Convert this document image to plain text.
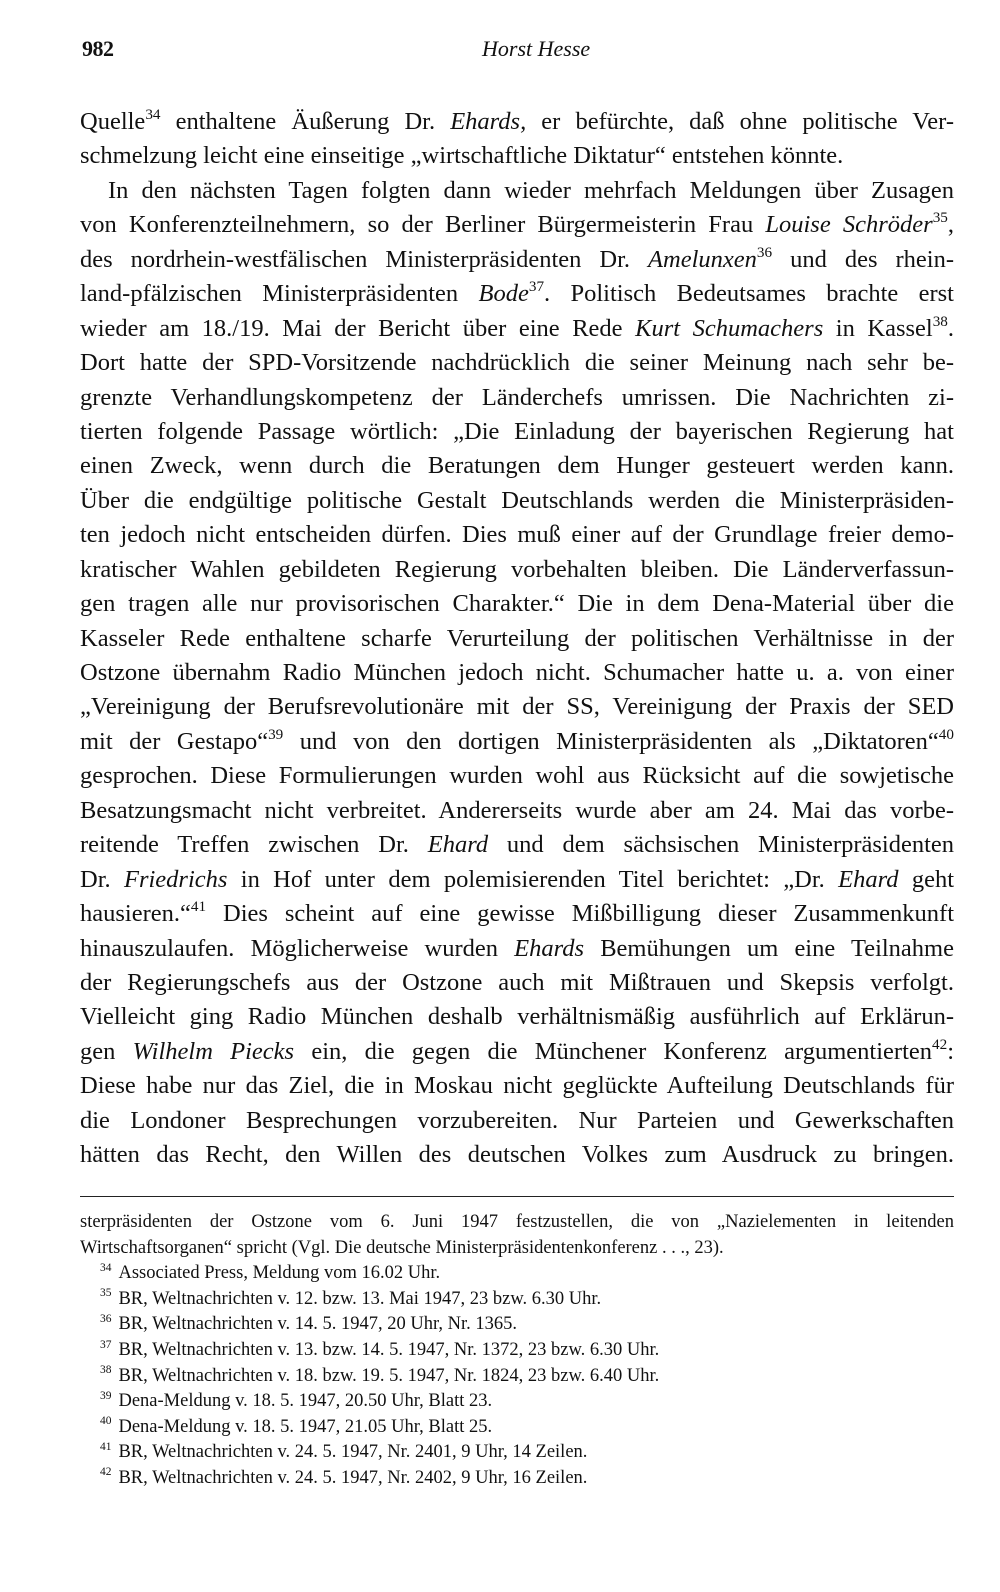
982	Horst Hesse
Quelle$^{34}$ enthaltene Äußerung Dr. Ehards, er befürchte, daß ohne politische Ver-
schmelzung leicht eine einseitige „wirtschaftliche Diktatur“ entstehen könnte.
In den nächsten Tagen folgten dann wieder mehrfach Meldungen über Zusagen
von Konferenzteilnehmern, so der Berliner Bürgermeisterin Frau Louise Schröder$^{35}$,
des nordrhein-westfälischen Ministerpräsidenten Dr. Amelunxen$^{36}$ und des rhein-
land-pfälzischen Ministerpräsidenten Bode$^{37}$. Politisch Bedeutsames brachte erst
wieder am 18./19. Mai der Bericht über eine Rede Kurt Schumachers in Kassel$^{38}$.
Dort hatte der SPD-Vorsitzende nachdrücklich die seiner Meinung nach sehr be-
grenzte Verhandlungskompetenz der Länderchefs umrissen. Die Nachrichten zi-
tierten folgende Passage wörtlich: „Die Einladung der bayerischen Regierung hat
einen Zweck, wenn durch die Beratungen dem Hunger gesteuert werden kann.
Über die endgültige politische Gestalt Deutschlands werden die Ministerpräsiden-
ten jedoch nicht entscheiden dürfen. Dies muß einer auf der Grundlage freier demo-
kratischer Wahlen gebildeten Regierung vorbehalten bleiben. Die Länderverfassun-
gen tragen alle nur provisorischen Charakter.“ Die in dem Dena-Material über die
Kasseler Rede enthaltene scharfe Verurteilung der politischen Verhältnisse in der
Ostzone übernahm Radio München jedoch nicht. Schumacher hatte u. a. von einer
„Vereinigung der Berufsrevolutionäre mit der SS, Vereinigung der Praxis der SED
mit der Gestapo“$^{39}$ und von den dortigen Ministerpräsidenten als „Diktatoren“$^{40}$
gesprochen. Diese Formulierungen wurden wohl aus Rücksicht auf die sowjetische
Besatzungsmacht nicht verbreitet. Andererseits wurde aber am 24. Mai das vorbe-
reitende Treffen zwischen Dr. Ehard und dem sächsischen Ministerpräsidenten
Dr. Friedrichs in Hof unter dem polemisierenden Titel berichtet: „Dr. Ehard geht
hausieren.“$^{41}$ Dies scheint auf eine gewisse Mißbilligung dieser Zusammenkunft
hinauszulaufen. Möglicherweise wurden Ehards Bemühungen um eine Teilnahme
der Regierungschefs aus der Ostzone auch mit Mißtrauen und Skepsis verfolgt.
Vielleicht ging Radio München deshalb verhältnismäßig ausführlich auf Erklärun-
gen Wilhelm Piecks ein, die gegen die Münchener Konferenz argumentierten$^{42}$:
Diese habe nur das Ziel, die in Moskau nicht geglückte Aufteilung Deutschlands für
die Londoner Besprechungen vorzubereiten. Nur Parteien und Gewerkschaften
hätten das Recht, den Willen des deutschen Volkes zum Ausdruck zu bringen.
sterpräsidenten der Ostzone vom 6. Juni 1947 festzustellen, die von „Nazielementen in leitenden
Wirtschaftsorganen“ spricht (Vgl. Die deutsche Ministerpräsidentenkonferenz . . ., 23).
$^{34}$ Associated Press, Meldung vom 16.02 Uhr.
$^{35}$ BR, Weltnachrichten v. 12. bzw. 13. Mai 1947, 23 bzw. 6.30 Uhr.
$^{36}$ BR, Weltnachrichten v. 14. 5. 1947, 20 Uhr, Nr. 1365.
$^{37}$ BR, Weltnachrichten v. 13. bzw. 14. 5. 1947, Nr. 1372, 23 bzw. 6.30 Uhr.
$^{38}$ BR, Weltnachrichten v. 18. bzw. 19. 5. 1947, Nr. 1824, 23 bzw. 6.40 Uhr.
$^{39}$ Dena-Meldung v. 18. 5. 1947, 20.50 Uhr, Blatt 23.
$^{40}$ Dena-Meldung v. 18. 5. 1947, 21.05 Uhr, Blatt 25.
$^{41}$ BR, Weltnachrichten v. 24. 5. 1947, Nr. 2401, 9 Uhr, 14 Zeilen.
$^{42}$ BR, Weltnachrichten v. 24. 5. 1947, Nr. 2402, 9 Uhr, 16 Zeilen.
